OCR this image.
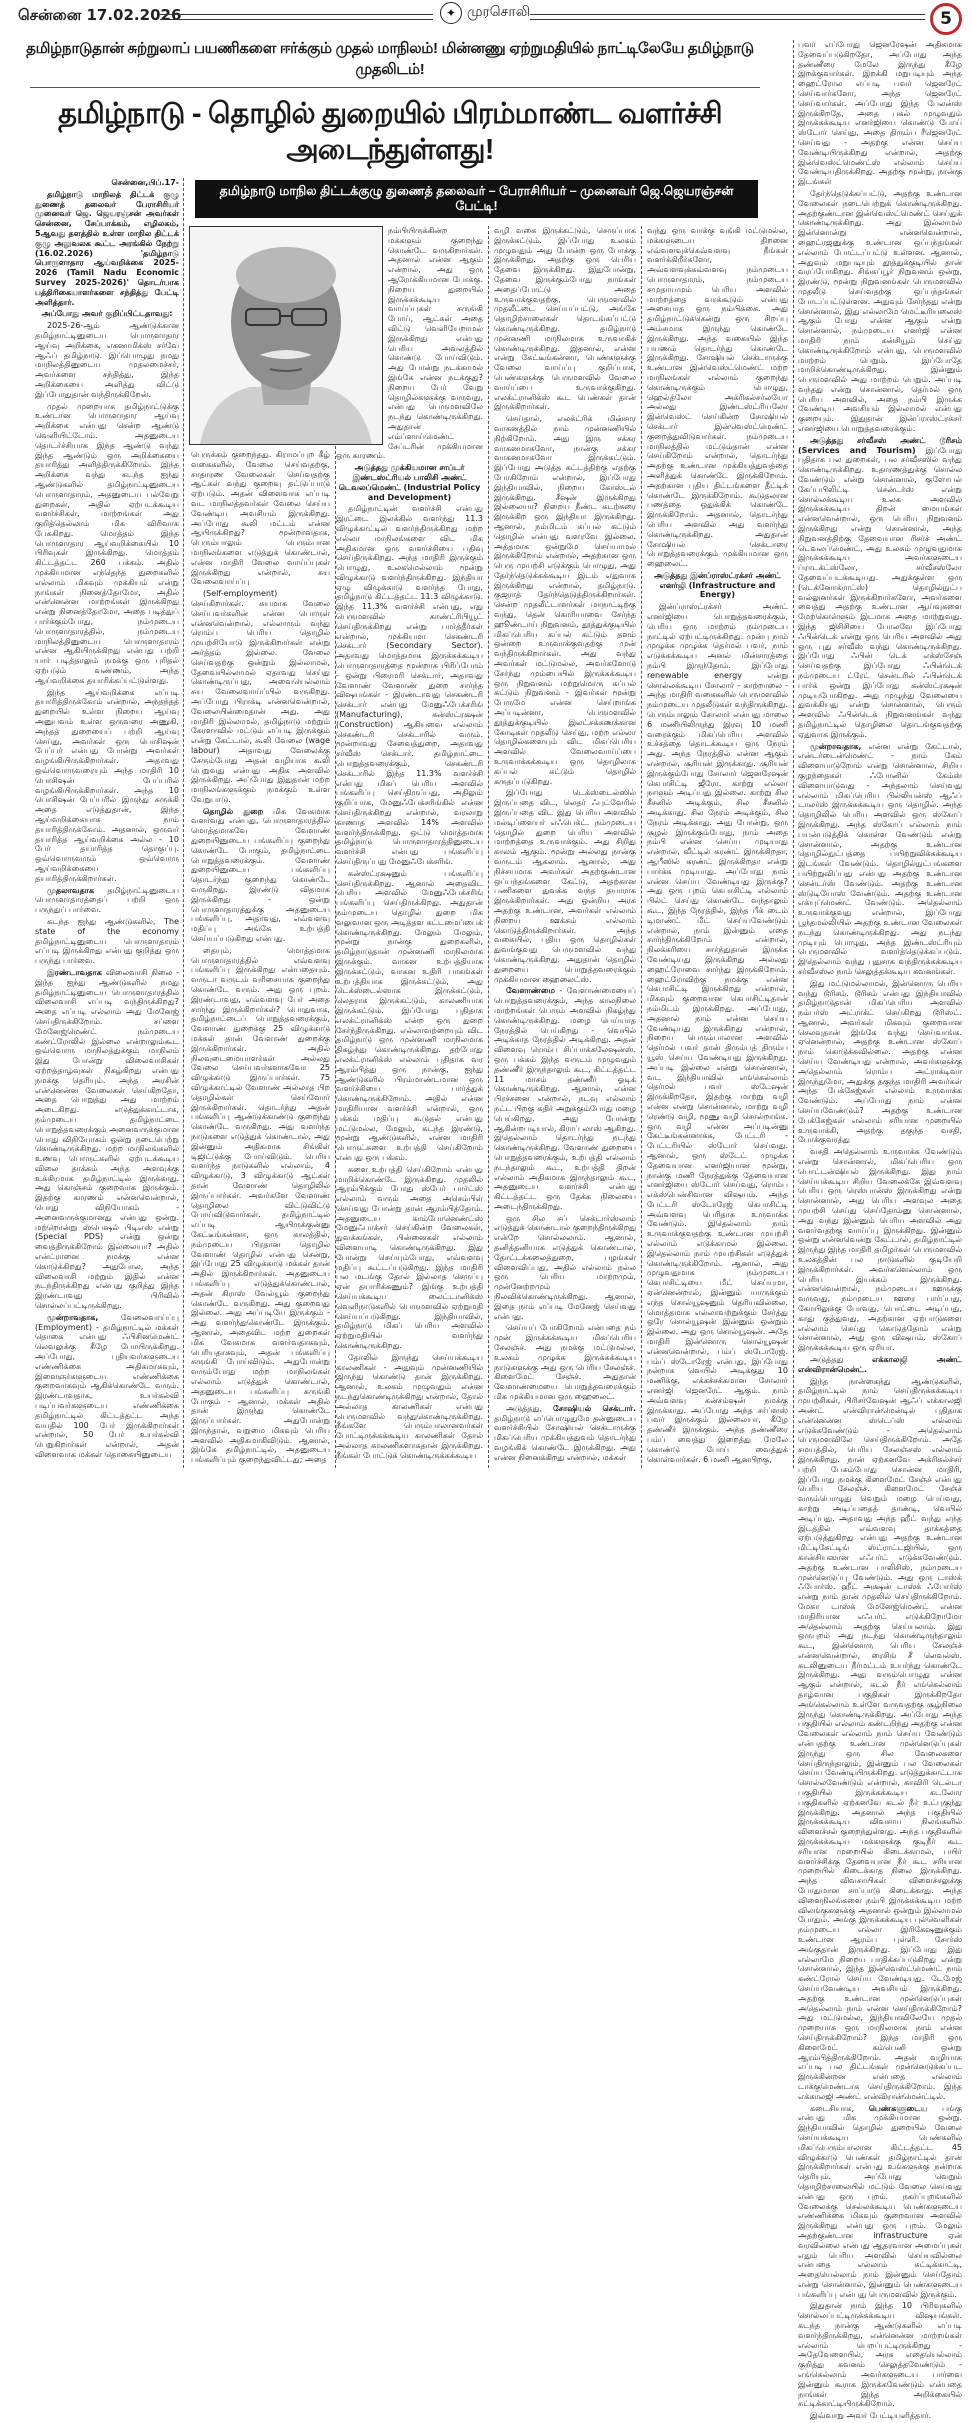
சென்னை 17.02.2026	✦ முரசொலி	5
தமிழ்நாடுதான் சுற்றுலாப் பயணிகளை ஈர்க்கும் முதல் மாநிலம்! மின்னணு ஏற்றுமதியில் நாட்டிலேயே தமிழ்நாடு முதலிடம்!
தமிழ்நாடு - தொழில் துறையில் பிரம்மாண்ட வளர்ச்சி அடைந்துள்ளது!
தமிழ்நாடு மாநில திட்டக்குழு துணைத் தலைவர் – பேராசிரியர் – முனைவர் ஜெ.ஜெயரஞ்சன் பேட்டி!

சென்னை,பிப்.17-

தமிழ்நாடு மாநிலத் திட்டக் குழு துணைத் தலைவர் பேராசிரியர் முனைவர் ஜெ. ஜெயரஞ்சன் அவர்கள் சென்னை, சேப்பாக்கம், எழிலகம், 5ஆவது தளத்தில் உள்ள மாநில திட்டக் குழு அலுவலக கூட்ட அரங்கில் நேற்று (16.02.2026) 'தமிழ்நாடு பொருளாதார ஆய்வறிக்கை 2025-2026 (Tamil Nadu Economic Survey 2025-2026)' தொடர்பாக பத்திரிகையாளர்களை சந்தித்து பேட்டி அளித்தார்.

அப்போது அவர் குறிப்பிட்டதாவது:

2025-26-ஆம் ஆண்டுக்கான தமிழ்நாட்டினுடைய பொருளாதார ஆய்வு அறிக்கை, எகனாமிக்ஸ் சர்வே ஆஃப் தமிழ்நாடு. இப்பொழுது நமது மாநிலத்தினுடைய முதலமைச்சர், அவர்களை சந்தித்து, இந்த அறிக்கையை அளித்து விட்டு இப்போதுதான் வந்திருக்கிறேன்.

முதல் முறையாக தமிழ்நாட்டுக்கு உண்டான பொருளாதார ஆய்வு அறிக்கை என்பது சென்ற ஆண்டு வெளியிட்டோம். அதனுடைய தொடர்ச்சியாக இந்த ஆண்டு வந்து இந்த ஆண்டும் ஒரு அறிக்கையை தயாரித்து அளித்திருக்கிறோம். இந்த அறிக்கை வந்து கடந்த ஐந்து ஆண்டுகளில் தமிழ்நாட்டினுடைய பொருளாதாரம், அதனுடைய பல்வேறு துறைகள், அதில் ஏற்படக்கூடிய வளர்ச்சிகள், மாற்றங்கள் அது குறித்தெல்லாம் மிக விரிவாக பேசுகிறது. மொத்தம் இந்த பொருளாதார ஆய்வறிக்கையில் 10 பிரிவுகள் இருக்கிறது. மொத்தம் கிட்டத்தட்ட 260 பக்கம். அதில் முக்கியமான எந்தெந்த துறைகளில் எல்லாம் மிகவும் முக்கியம் என்று நாங்கள் நினைத்தோமோ, அதில் என்னென்ன மாற்றங்கள் இருக்கிறது என்று நினைத்தோமோ, அதை படித்துப் பார்க்கும்போது, நம்முடைய பொருளாதாரத்தில், நம்முடைய மாநிலத்தினுடைய பொருளாதாரம் என்ன ஆகியிருக்கிறது என்பது பற்றி யார் படித்தாலும் நமக்கு ஒரு புரிதல் ஏற்படும் வண்ணம், அந்த ஆய்வறிக்கை தயாரிக்கப்பட்டுள்ளது.

இந்த ஆய்வறிக்கை எப்படி தயாரித்திருக்கோம் என்றால், அந்தந்தத் துறையில் உள்ள நிறைய ஆய்வு அனுபவம் உள்ள ஒருவரை அணுகி, அந்தத் துறையைப் பற்றி ஆய்வு செய்து, அவர்கள் ஒரு பொசிஷன் பேப்பர் என்பது போன்று அவர்கள் வழங்கியிருக்கிறார்கள். அதாவது ஒவ்வொருவரையும் அந்த மாதிரி 10 பொசிஷன் பேப்பரில் வழங்கியிருக்கிறார்கள். அந்த 10 பொசிஷன் பேப்பரில் இருந்து சுருக்கி அதை எடுத்துதான், இந்த ஆய்வறிக்கையாக நாம் தயாரித்திருக்கோம். அதனால், ஒருவர் தயாரித்த ஆய்வறிக்கை அல்ல - 10 பேர் தயாரித்த தொகுப்பு. ஒவ்வொருவரும் ஒவ்வொரு ஆய்வறிக்கையை தயாரித்திருக்கிறார்கள்.

முதலாவதாக தமிழ்நாட்டினுடைய பொருளாதாரத்தைப் பற்றி ஒரு பருந்துப் பார்வை.

கடந்த ஐந்து ஆண்டுகளில், The state of the economy தமிழ்நாட்டினுடைய பொருளாதாரம் எப்படி இருக்கிறது என்பது குறித்து ஒரு பருந்து பார்வை.

இரண்டாவதாக விலைவாசி நிலை - இந்த ஐந்து ஆண்டுகளில் நமது தமிழ்நாட்டினுடைய பொருளாதாரத்தில் விலைவாசி எப்படி வந்திருக்கிறது? அதை எப்படி எல்லாம் அது மேனேஜ் செய்திருக்கிறோம். சப்ளை மேனேஜ்மெண்ட் நம்முடைய கண்ட்ரோலில் இல்லை என்றாலும்கூட ஒவ்வொரு மாநிலத்துக்கும் மாநிலம் இது போன்று விலைவாசிகள் ஏற்றத்தாழ்வுகள் நிகழ்கிறது என்பது நமக்கு தெரியும். அந்த அரசின் என்னென்ன வேலைகள் செய்கிறதோ, அதை பொறுத்து அது மாற்றம் அடைகிறது. எடுத்துக்காட்டாக, நம்முடைய தமிழ்நாட்டை பொறுத்தவரைக்கும் அனைவருக்குமான பொது விநியோகம் ஒன்று நடைபெற்று கொண்டிருக்கிறது. மற்ற மாநிலங்களில் உணவு பொருட்களில் ஏற்படக்கூடிய விலை தாக்கம் அந்த அளவுக்கு உக்கிரமாக தமிழ்நாட்டில் இருக்காது. அது கொஞ்சம் குறைவாக இருக்கும். இதற்கு காரணம் என்னவென்றால், பொது விநியோகம் - அனைவருக்குமானது என்பது ஒன்று. மற்றொன்று ஸ்பெஷல் பிடிஎஸ் என்று (Special PDS) என்று ஒன்று வைத்திருக்கிறோம் இல்லையா? அதில் என்ட்ரானை நமக்கு என்ன கொடுக்கிறது? அதுபோல, அந்த விலைவாசி மற்றும் இதில் என்ன நடந்திருக்கிறது என்பது குறித்து இந்த இரண்டாவது பிரிவில் சொல்லப்பட்டிருக்கிறது.

மூன்றாவதாக, வேலைவாய்ப்பு (Employment) - தமிழ்நாட்டில் மக்கள் தொகை என்பது ஃபிசினமெண்ட் லெவலுக்கு கீழே போயிருக்கிறது. அப்போது, புதியவர்களுடைய எண்ணிக்கை அதிகமாகவும், இளைஞர்களுடைய எண்ணிக்கை குறைவாகவும் ஆகிக்கொண்டே வரும். இரண்டாவதாக, உயர்கல்வி படிப்பவர்களுடைய எண்ணிக்கை தமிழ்நாட்டில் கிட்டத்தட்ட அந்த வயதில் 100 பேர் இருக்கிறார்கள் என்றால், 50 பேர் உயர்கல்வி பெறுகிறார்கள் என்றால், அதன் விளைவாக மக்கள் தொகையினுடைய

பெருக்கம் குறைந்தது. கிராமப்புற கீழ் வகைகளில், வேலை செய்வதற்கு, சாதாரண வேலைகள் செய்வதற்கு ஆட்கள் வந்து குறைவு தட்டுப்பாடு ஏற்படும். அதன் விளைவாக எப்படி வட மாநிலத்தவர்கள் வேலை செய்ய வேண்டிய அவசியம் இருக்கிறது. அப்போது கூலி மட்டம் என்ன ஆயிருக்கிறது? மூன்றாவதாக, பெரும்பாலும் பெரும்பான மாநிலங்களை எடுத்துக் கொண்டால், என்ன மாதிரி வேலை வாய்ப்புகள் இருக்கிறது என்றால், சுய வேலைவாய்ப்பு

(Self-employment) செய்கிறார்கள். சுயமாக வேலை செய்பவர்களின் என்ன பொருள் என்னவென்றால், எல்லாரும் வந்து ரொம்ப பெரிய தொழில் முயற்சியோடு இருக்கிறார்கள் என்று அர்த்தம் இல்லை. வேலை செய்வதற்கு ஒன்றும் இல்லாமல், தேவையில்லாமல் ஏதாவது செய்து கொண்டிருப்பது, அவையெல்லாம் சுய வேலைவாய்ப்பில் வருகிறது. அப்போது பிராக்டி என்னவென்றால், வேலையின்மைதான் அது. அது மாதிரி இல்லாமல், தமிழ்நாடு மற்றும் கேரளாவில் மட்டும் எப்படி இருக்கும் என்று கேட்டால், கூலி வேலை (wage labour) அதாவது வேலைக்கு சேரும்போது அதன் வழியாக கூலி பெறுவது என்பது அதிக அளவில் இருக்கிறது. அப்போது இதுதான் மற்ற மாநிலங்களுக்கும் நமக்கும் உள்ள வேறுபாடு.

தொழில் துறை மிக வேகமாக வளர்வது என்பது, பொருளாதாரத்தில் மொத்தமாகவே வேளாண் துறையினுடைய பங்களிப்பு குறைந்து கொண்டே போகும், தமிழ்நாட்டை பொறுத்தவரைக்கும். வேளாண் துறையினுடைய பங்களிப்பு தொடர்ந்து குறைந்து கொண்டே வருகிறது. இரண்டு விதமாக இருக்கிறது - ஒன்று பொருளாதாரத்துக்கு அதனுடைய பங்களிப்பு, அதாவது, எவ்வளவு மதிப்பு அங்கே உற்பத்தி செய்யப்படுகிறது என்பது.

தையும், மொத்தமாக பொருளாதாரத்தில் எவ்வளவு பங்களிப்பு இருக்கிறது என்பதையும். வருடா வருடம் வரிசையாக குறைந்து கொண்டே வரும். அது ஒரு புறம். இரண்டாவது, எவ்வளவு பேர் அதை சார்ந்து இருக்கிறார்கள்? பொதுவாக, தமிழ்நாட்டைப் பொறுத்தவரைக்கும், வேளாண் துறைக்கு 25 விழுக்காடு மக்கள் தான் வேளாண் துறைக்கு இருக்கிறார்கள். அதில் நிலவுடைமையாளர்கள் அல்லது வேலை செய்பவர்களாகவோ 25 விழுக்காடு இருப்பார்கள். 75 விழுக்காட்டில் வேளாண் அல்லாத பிற தொழில்கள் செய்வோர் இருக்கிறார்கள். தொடர்ந்து அதன் பங்களிப்பு ஆண்டுக்காண்டு குறைந்து கொண்டே வருகிறது. அது வளர்ந்த நாடுகளை எடுத்துக் கொண்டால், அது இன்னும் அதிகமாக சிங்கிள் டிஜிட்டுக்கு போய்விடும். பெரிய வளர்ந்த நாடுகளில் எல்லாம், 4 விழுக்காடு, 3 விழுக்காடு ஆட்கள் தான் வேளாண் தொழிலில் இருப்பார்கள். அவர்களே வேளாண் தொழிலை விட்டுவிட்டு போய்விடுவார்கள். தமிழ்நாட்டில் எப்படி ஆயிருக்குன்னு கேட்டீங்கன்னா, ஒரு காலத்தில், நம்முடைய பிரதான தொழில் வேளாண் தொழில் என்பது சென்று, இப்போது 25 விழுக்காடு மக்கள் தான் அதில் இருக்கிறார்கள். அதனுடைய பங்களிப்பு எடுத்துக்கொண்டால், அதன் கிராஸ் வேல்யூம் குறைந்து கொண்டே வருகிறது. அது குறைவது இல்லை. அது அப்படியே இருக்கும் - அது வளர்ந்துகொண்டே இருக்கும். ஆனால், அதைவிட மற்ற துறைகள் மிக வேகமாக வளர்வதாகவும், பெரியதாகவும், அதன் பங்களிப்பு சுருங்கி போய்விடும். அதுபோன்று வரும்போது மற்ற மாநிலங்கள் எல்லாம் எடுத்துக் கொண்டால், அதனுடைய பங்களிப்பு சுருங்கி போகும் - ஆனால், மக்கள் அதில் தான் இருந்து கொண்டே இருப்பார்கள். அதுபோன்று இருந்தால், வறுமை மிகவும் பெரிய அளவில் அதிகமாகிவிடும். ஆனால், இங்கே தமிழ்நாட்டில், அதனுடைய பங்களிப்பும் குறைந்துவிட்டது; அதை

நம்பியிருக்கின்ற மக்களும் குறைந்து கொண்டே வருகிறார்கள். அதனால் என்ன ஆகும் என்றால், அது ஒரு ஆரோக்கியமான போக்கு. நிறைய துறையில் இருக்கக்கூடிய வாய்ப்புகள் சுருங்கி போய், ஆட்கள் அதை விட்டு வெளியேறாமல் இருக்கிறது என்பது பெரிய அவலத்தில் கொண்டு போய்விடும். அது போன்று நடக்காமல் இங்கே என்ன நடக்குது? நிறைய பேர் வேறு தொழில்களுக்கு வருவது, என்பது பெருமளவிலே நடந்து கொண்டிருக்கிறது. அதுதான் எம்ப்ளாய்மெண்ட் சேப்டரின் முக்கியமான ஒரு காரணம்.

அடுத்தது முக்கியமான சாப்டர் இண்டஸ்ட்ரியல் பாலிசி அண்ட் டெவலப்மெண்ட் (Industrial Policy and Development)

தமிழ்நாட்டின் வளர்ச்சி என்பது இரட்டை இலக்கில் வளர்ந்து 11.3 விழுக்காட்டில் வளர்ந்திருக்கிறது மற்ற எல்லா மாநிலங்களை விட மிக அதிகமான ஒரு வளர்ச்சியை பதிவு செய்திருக்கிறது. அந்த மாதிரி இருக்கும் பொழுது, உலகமெல்லாம் மூன்று விழுக்காடு வளர்ந்திருக்கிறது. இந்தியா ஏழு விழுக்காடு வளர்ந்த போது, தமிழ்நாடு கிட்டத்தட்ட 11.3 விழுக்காடு. இந்த 11.3% வளர்ச்சி என்பது, எது பெருமளவில் காண்ட்ரிபியூட் செய்திருக்கிறது என்று பார்த்தீர்கள் என்றால், முக்கியமா செகண்டரி செக்டார் (Secondary Sector). அதாவது மொத்தமாக இருக்கக்கூடிய பொருளாதாரத்தை மூன்றாக பிரிப்போம் - ஒன்று பிரைமரி செக்டார், அதாவது வேளாண் வேளாண் துறை சார்ந்த விஷயங்கள் - இரண்டாவது செகண்டரி செக்டார் என்பது மேனுஃபேக்சரிங் (Manufacturing), கன்ஸ்ட்ரக்ஷன் (Construction) ஆகியவை எல்லாம் செகண்டரி செக்டாரில் வரும். மூன்றாவது சேவைத்துறை, அதாவது சர்வீஸ் செக்டார். தமிழ்நாட்டை பொறுத்தவரைக்கும், செகண்டரி செக்டாரில் இந்த 11.3% வளர்ச்சி என்பது மிகப் பெரிய அளவில் பங்களிப்பு செய்திருப்பது, அதிலும் குறிப்பாக, மேனுஃபேக்சரிங்கில் என்ன செய்திருக்கிறது என்றால், வரலாறு காணாத அளவில் 14% அளவில் வளர்ந்திருக்கிறது. ஒட்டு மொத்தமாக தமிழ்நாடு பொருளாதாரத்தினுடைய வளர்ச்சி என்பது பங்களிப்பு செய்திருப்பது மேனுஃபேக்சரிங்.

கன்ஸ்ட்ரக்ஷனும் பங்களிப்பு செய்திருக்கிறது. ஆனால் அதைவிட பெரிய அளவில் மேனுஃபேக்சரிங் பங்களிப்பு செய்திருக்கிறது. அதுதான் நம்முடைய தொழில் துறை மிக வலுவான ஒரு அடித்தள கட்டமைப்பைக் கொண்டிருக்கிறது. மேலும் மேலும், மூன்று நான்கு துறைகளில், தமிழ்நாடுதான் முன்னணி மாநிலமாக இருக்கும். வாகன உற்பத்தியாக இருக்கட்டும், வாகன உதிரி பாகங்கள் உற்பத்தியாக இருக்கட்டும், அது டெக்ஸ்டைல்ஸாக இருக்கட்டும், லெதராக இருக்கட்டும், காலணியாக இருக்கட்டும். இப்போது புதிதாக எலக்ட்ரானிக்ஸ் என்ற ஒரு துறை சேர்ந்திருக்கிறது. எல்லாவற்றையும் விட தமிழ்நாடு ஒரு முன்னணி மாநிலமாக திகழ்ந்து கொண்டிருக்கிறது. தற்போது எலக்ட்ரானிக்ஸ் எல்லாம் புதிதாக வர ஆரம்பித்து ஒரு நான்கு, ஐந்து ஆண்டுகளில் பிரம்மாண்டமான ஒரு வளர்ச்சியை பார்த்துக் கொண்டிருக்கிறோம். அதில் என்ன மாதிரியான வளர்ச்சி என்றால், ஒரு பக்கம் மதிப்பு கூடுதல் என்பது மட்டுமல்ல, மேலும், கடந்த இரண்டு, மூன்று ஆண்டுகளில், என்ன மாதிரி பொருட்களை உற்பத்தி செய்கிறோம் என்பது ஒரு பக்கம்.

களை உற்பத்தி செய்கிறோம் என்பது மாறிக்கொண்டே இருக்கிறது. முதலில் ஆரம்பிக்கும் போது ஸ்பேர் பார்ட்ஸ் எல்லாம் வரும் அதை அசெம்பிள் செய்வது போன்று தான் ஆரம்பித்தோம். அதனுடைய காம்போனெண்ட்ஸ் மேனுஃபாக்சர் செய்கின்ற வேலைகள், துவக்கங்கள், பின்னைகள் எல்லாம் விளையாடி கொண்டிருக்கிறது. இது போன்று செய்யும்போது, எவ்வளவு மதிப்பு கூட்டப்படுகிறது. இந்த மாதிரி பல மடங்கு தோல் இல்லாத செருப்பு ஏன் தயாரிக்கணும்? இங்கு உற்பத்தி செய்யக்கூடிய லைட்டானிக்ஸ் வெளிநாடுகளில் பெருமளவில் ஏற்றுமதி செய்யப்படுகிறது. இந்தியாவில், தமிழ்நாடு மிகப் பெரிய அளவில் ஏற்றுமதியில் வளர்ந்து கொண்டிருக்கிறது.

தோலில் இருந்து செய்யக்கூடிய காலணிகள் - அதுவும் முன்னணியில் இருந்து கொண்டு தான் இருக்கிறது. ஆனால், உலகம் முழுவதும் என்ன நடந்துகொண்டிருக்கிறது என்றால், தோல் அல்லாத காலணிகள் என்பது பெருமளவில் வந்துகொண்டிருக்கிறது. நீங்களே பெரும்பாலானவர்கள் போட்டிருக்கக்கூடிய காலணிகள் தோல் அல்லாத காலணிகளாகதான் இருக்கிறது. நீங்கள் போட்டுக் கொண்டிருக்கக்கூடிய

வழி வகை இருக்கட்டும், செருப்பாக இருக்கட்டும். இப்போது உலகம் முழுவதும் அது போன்ற ஒரு போக்கு இருக்கிறது. அதற்கு ஒரு பெரிய தேவை இருக்கிறது. இதுபோன்று, தேவை இருக்கும்போது நாங்கள் அதைப்போட்டு அதை உருவாக்குவதற்கு, பெருமளவில் முதலீட்டை செய்யப்பட்டு, அங்கே தொழிற்சாலைகள் தொடங்கப்பட்டு கொண்டிருக்கிறது. தமிழ்நாடு முன்னணி மாநிலமாக உருவாகிக் கொண்டிருக்கிறது. இதனால், என்ன என்று கேட்டீங்கன்னா, பெண்களுக்கு வேலை வாய்ப்பு குறிப்பாக, பெண்களுக்கு பெருமளவில் வேலை வாய்ப்பை உருவாக்குகிறது. எலக்ட்ரானிக்ஸ் கூட பெண்கள் தான் இருக்கிறார்கள்.

செய்தால், எலக்ட்ரிக் மின்சார வாகனத்தில் நாம் முன்னணியில் நிற்கிறோம். அது இரு சக்கர வாகனமாகவோ, நான்கு சக்கர வாகனமாகவோ இருக்கட்டும். இப்போது அடுத்த கட்டத்திற்கு எதற்கு போகிறோம் என்றால், இப்போது இந்தியாவில், நிறைய கோஸ்டல் இருக்கிறது. சீஷன் இருக்கிறது இல்லையா? நிறைய நீண்ட கடற்கரை இருக்கிற ஒரு இந்தியா இருக்கிறது. ஆனால், நம்மிடம் கப்பல் கட்டும் தொழில் என்பது வளரவே இல்லை. அத்தமாக ஒன்றுமே செய்யாமல் இருக்கிறோம் என்றால், அதற்கான ஒரு பெரு முயற்சி எடுக்கும் பொழுது, அது தேர்ந்தெடுக்கக்கூடிய இடம் எதுவாக இருக்கிறது என்றால், தமிழ்நாடு. குஜராத் தேர்ந்தெடுத்திருக்கிறார்கள். சென்ற முதலீட்டாளர்கள் மாநாட்டிற்கு வந்து, தென் கொரியாவை சேர்ந்த ஹூண்டாய் நிறுவனம், தூத்துக்குடியில் மிகப்பெரிய கப்பல் கட்டும் தளம் ஒன்றை உருவாக்குவதற்கு முன் வந்திருக்கிறார்கள். அது வந்து அவர்கள் மட்டுமல்ல, அவர்களோடு சேர்ந்து மும்பையில் இருக்கக்கூடிய ஒரு நிறுவனம் மற்றுமொரு கப்பல் கட்டும் நிறுவனம் - இவர்கள் மூன்று பேருமே என்ன செய்றாங்க அப்படின்னா, பெருமளவில் தூத்துக்குடியில் இலட்சக்கணக்கான கோடிகள் முதலீடு செய்து, மற்ற எல்லா தொழில்களையும் விட மிகப்பெரிய அளவில் வேலைவாய்ப்பை உருவாக்கக்கூடிய ஒரு தொழிலாக கப்பல் கட்டும் தொழில் கருதப்படுகிறது.

இப்போது டெக்ஸ்டைல்ஸில் இருப்பதை விட, லெதர் ஃபுட்வேரில் இருப்பதை விட இது பெரிய அளவில் மல்டிப்ளையர் எஃபெக்ட். நம்முடைய தொழில் துறை பெரிய அளவில் மாற்றத்தை உருவாக்கும். அது சிறிது காலம் ஆகும். மூன்று அல்லது நான்கு வருடம் ஆகலாம். ஆனால், அது நிச்சயமாக அவர்கள் அதற்குண்டான ஒப்பந்தங்களை கேட்டு, அதற்கான பணிகளை துவக்க வந்த தயாராக இருக்கிறார்கள். அது ஒன்றிய அரசு அதற்கு உண்டான, அவர்கள் எல்லாம் நிறைய ஊக்கம் எல்லாம் கொடுத்திருக்கிறார்கள். அந்த வகையில், புதிய ஒரு தொழில்கள் துவங்குவது பெருமளவில் வந்து கொண்டிருக்கிறது. அதுதான் தொழில் துறையை பொறுத்தவரைக்கும் முக்கியமான ஹைலைட்ஸ்.

வேளாண்மை - வேளாண்மையைப் பொறுத்தவரைக்கும், அந்த காலநிலை மாற்றங்கள் பெரும் அளவில் நிகழ்ந்து கொண்டிருக்கிறது. மழை பெய்யாத நேரத்தில் பெய்கிறது - வெயில் அடிக்காத நேரத்தில் அடிக்கிறது. அதன் விளைவு ரொம்ப சிப்பாக்கலேஷன்ஸ். ஒரு பக்கம் இந்த வருடம் முழுவதும் தண்ணீர் இருந்தாலும் கூட, கிட்டத்தட்ட 11 மாசம் தண்ணீர் ஓடிக் கொண்டிருக்கிறது. ஆனால், என்ன பிரச்சனை என்றால், நடவு எல்லாம் நட்ட பிறகு கதிர் அறுக்கும்போது மழை பெய்கிறது. அது போன்று ஆகின்றபடியால், கிராப் லாஸ் ஆகிறது. இதெல்லாம் தொடர்ந்து நடந்து கொண்டிருக்கிறது. வேளாண் துறையை பொறுத்தவரைக்கும், உற்பத்தி எல்லாம் நடந்தாலும் கூட, உற்பத்தி திறன் எல்லாம் அதிகமாக இருந்தாலும் கூட, அதனுடைய வளர்ச்சி என்பது கிட்டத்தட்ட ஒரு தேக்க நிலையை அடைந்திருக்கிறது.

ஒரு சில சப் செக்டார்ஸ்லாம் எடுத்துக் கொண்டால் குறைந்திருக்கிறது என்றே சொல்லலாம். ஆனால், தனித்தனியாக எடுத்துக் கொண்டால், தோட்டக்கலைத்துறை, பழங்கள் விளைவிப்பது, அதில் எல்லாம் நல்ல ஒரு பெரிய மாற்றமும், முன்னேற்றமும் நிலவிக்கொண்டிருக்கிறது. ஆனால், இதை நாம் எப்படி மேனேஜ் செய்வது என்பது.

செய்யப் போகிறோம் என்பதை நம் முன் இருக்கக்கூடிய மிகப்பெரிய சேலஞ்ச். அது நமக்கு மட்டுமல்ல, உலகம் முழுக்க இருக்கக்கூடிய நாடுகளுக்கு அது ஒரு பெரிய சேலஞ்ச். கிளைமேட் சேஞ்ச். அதுதான் வேளாண்மையை பொறுத்தவரைக்கும் மிக முக்கியமான ஒரு ஹைலைட்.

அடுத்தது, சோஷியல் செக்டார். தமிழ்நாடு எப்பொழுதுமே தன்னுடைய வளர்ச்சியில் சோஷியல் செக்டாருக்கு மிகப்பெரிய முக்கியத்துவம் தொடர்ந்து வழங்கிக் கொண்டே இருக்கிறது. அது என்ன நினைக்கிறது என்றால், மக்கள்

வந்து ஒரு வாக்கு வங்கி மட்டுமல்ல, மக்களுடைய திறனை எவ்வளவுக்கெவ்வளவு நீங்கள் வளர்க்கிறீர்களோ, அவ்வளவுக்கவ்வளவு நம்முடைய பொருளாதாரம், நம்முடைய சமுதாயமும் பெரிய அளவில் மாற்றத்தை வரக்கூடும் என்பது அசையாத ஒரு நம்பிக்கை. அது தமிழ்நாட்டுக்கென்று ஒரு சிறப்பு அம்சமாக இருந்து கொண்டே இருக்கிறது. அந்த வகையில் இந்த பயணம் தொடர்ந்து கொண்டே இருக்கிறது. சோஷியல் செக்டாருக்கு உண்டான இன்வெஸ்ட்மெண்ட் மற்ற மாநிலங்கள் எல்லாம் குறைந்து கொண்டிருக்கும் பொழுது, ஹெல்த்லோ அக்ரிகல்சர்லயோ அல்லது இண்டஸ்ட்ரியலோ இன்வெஸ்ட் செய்கின்ற சோஷியல் செக்டார் இன்வெஸ்ட்மெண்ட் குறைத்துவிடுவார்கள். நம்முடைய மாநிலத்தில் மட்டும்தான் என்ன செய்கிறோம் என்றால், தொடர்ந்து அதற்கு உண்டான முக்கியத்துவத்தை அளித்துக் கொண்டே இருக்கிறோம். அதற்கான புதிய திட்டங்களை தீட்டிக் கொண்டே இருக்கிறோம். கூடுதலான பணத்தை ஒதுக்கிக் கொண்டே இருக்கிறோம். அதனால், தொடர்ந்து பெரிய அளவில் அது வளர்ந்து கொண்டிருக்கிறது. அதுதான் சோஷியல் செக்டாரை பொறுத்தவரைக்கும் முக்கியமான ஒரு ஹைலைட்.

அடுத்தது இன்ப்ராஸ்ட்ரக்சர் அண்ட் எனர்ஜி (Infrastructure and Energy)

இன்ப்ராஸ்ட்ரக்சர் அண்ட் எனர்ஜியை பொறுத்தவரைக்கும், பெரிய ஒரு மாற்றம் நம்முடைய நாட்டில் ஏற்பட்டிருக்கிறது. முன்பு நாம் முழுக்க முழுக்க தெர்மல் பவர், நாம் எடுக்கக்கூடிய அனல் மின்சாரத்தை நம்பி இருந்தோம். இப்போது renewable energy என்று சொல்லக்கூடிய சோலார் - காற்றாலை - அந்த மாதிரி வகைகளில் பெருமளவில் நம்முடைய முதலீடுகள் வந்திருக்கிறது. பெரும்பாலும் சோலார் என்பது மாலை 6 மணியிலிருந்து இரவு 10 மணி வரைக்கும் மிகப்பெரிய அளவில் உச்சத்தை தொடக்கூடிய ஒரு நேரம் அது. அந்த நேரத்தில் என்ன ஆகும் என்றால், சூரியன் இருக்காது. சூரியன் இருக்கும்போது சோலார் ஜெனரேஷன் கெபாசிட்டி ஜீரோ. காற்று எல்லா நாளும் அடிப்பது இல்லை. காற்று சில சீசனில் அடிக்கும், சில சீசனில் அடிக்காது. சில நேரம் அடிக்கும், சில நேரம் அடிக்காது. அது போன்று, ஒரு சூழல் இருக்கும்போது, நாம் அதை நம்பி என்ன செய்ய முடியாது என்றால், வீட்டில் கரண்ட் இருக்கிறதா, ஆபீஸில் கரண்ட் இருக்கிறதா என்று பார்க்க முடியாது. அப்போது நாம் என்ன செய்ய வேண்டியது இருக்கு? அது ஒரு புறம் கெபாசிட்டி எல்லாம் பில்ட் செய்து கொண்டே வந்தாலும் கூட, இந்த நேரத்தில், இந்த பீக் டைம் டிமாண்ட் மீட் செய்யவேண்டும் என்றால், நாம் இன்னும் எதை சார்ந்திருக்கிறோம் என்றால், நிலக்கரியை சார்ந்துதான் இருக்க வேண்டியது இருக்கிறது அல்லது ஹைட்ரோவை சார்ந்து இருக்கிறோம். ஹைட்ரோவிற்கு நமக்கு என்ன கெபாசிட்டி இருக்கிறது என்றால், மிகவும் குறைவான கெபாசிட்டிதான் நம்மிடம் இருக்கிறது. அப்போது, அதனால் நாம் என்ன செய்ய வேண்டியது இருக்கிறது என்றால், நிறைய பெரும்பாலான அளவில் தெர்மல் பவர் தான் திரும்பத் திரும்ப யூஸ் செய்ய வேண்டியது இருக்கிறது. அப்படி இல்லை என்று சொன்னால், வட இந்தியாவில் எங்கெல்லாம் தெர்மல் பவர் ஸ்டேஷன் இருக்கிறதோ, இதற்கு மாற்று வழி என்ன என்று சொன்னால், மாற்று வழி ரெண்டு வழி, மூணு வழி சொல்றாங்க. ஒரு வழி என்ன அப்படின்னு கேட்டீங்கன்னாக்க, பேட்டரி - பேட்டரியில் ஸ்டோர் செய்வது. ஆனால், ஒரு ஸ்டேட் முழுக்க தேவையான எனர்ஜியான மூன்று, நான்கு மணி நேரத்துக்கு தேவையான எனர்ஜியை ஸ்டோர் செய்வது, ரொம்ப எக்ஸ்பென்சிவான விஷயம். அந்த பேட்டரி ஸ்டோரேஜ் கெபாசிட்டி அவ்வளவு பெரிதாக உருவாக்க வேண்டும். இதெல்லாம் நாம் உருவாக்குவதற்கு உண்டான முயற்சி எல்லாம் எடுக்காமல் இல்லை. இதெல்லாம் நாம் முயற்சிகள் எடுத்துக் கொண்டிருக்கிறோம். ஆனால், அது முழுவதுமாக நம்முடைய கெபாசிட்டியை மீட் செய்யுமா, ஏன்னென்றால், இன்னும் யாருக்கும் எந்த சொல்யூஷனும் தெரியவில்லை. மொத்தமாக எல்லாவற்றுக்கும் சேர்த்து ஒரே சொல்யூஷன் இன்னும் ஒன்றும் இல்லை. அது ஒரு சொல்யூஷன். அதே மாதிரி இன்னொரு சொல்யூஷன் என்னவென்றால், பம்ப் ஸ்டோரேஜ். பம்ப் ஸ்டோரேஜ் என்பது, இப்போது நன்றாக வெயில் அடிக்குது 10 மணிக்கு, எக்கச்சக்கமான சோலார் எனர்ஜி ஜெனரேட் ஆகும். நாம் அவ்வளவு கன்சம்ஷன் நமக்கு இருக்காது. அப்போது அந்த சர்ப்ளஸ் பவர் இருக்கும் இல்லையா, கீழே தண்ணீர் இருக்கும். அந்த தண்ணீரை பம்ப் வைத்து இறைத்து மேலே கொண்டு போய் வைத்துக் கொள்வார்கள். 6 மணி ஆனபிறகு,

பவர் எப்போது ஜெனரேஷன் அதிகமாக தேவைப்படுகிறதோ, அப்போது அந்த தண்ணீரை மேலே இருந்து கீழே இறக்குவார்கள். இறக்கி மறுபடியும் அந்த ஹைட்ரோல எப்படி பவர் ஜெனரேட் செய்வார்களோ, அந்த ஜெனரேட் செய்வார்கள். அப்போது இந்த பேலன்ஸ் இருக்கிறதே, அதை பகல் முழுவதும் இருக்கக்கூடிய எனர்ஜியை கொண்டு போய் ஸ்டோர் செய்து, அதை திரும்ப ரீஜெனரேட் செய்வது - அதற்கு என்ன செய்ய வேண்டியிருக்கிறது என்றால், அதற்கு இன்வெஸ்ட்மெண்ட்ஸ் எல்லாம் செய்ய வேண்டியதிருக்கிறது. அதற்கு மூன்று, நான்கு இடங்கள்

தேர்ந்தெடுக்கப்பட்டு, அதற்கு உண்டான வேலைகள் நடைபெற்றுக் கொண்டிருக்கிறது. அதற்குண்டான இன்வெஸ்ட்மெண்ட் செய்துக் கொண்டிருக்கிறது. அது இல்லாமல் இன்னொன்று என்னவென்றால், ஹைட்ரஜனுக்கு உண்டான ஒப்பந்தங்கள் எல்லாம் போட்டப்பட்டு உள்ளன. ஆனால், அதுவும் மறுபடியும் தூத்துக்குடியில் தான் வரப்போகிறது. சிங்கப்பூர் நிறுவனம் ஒன்று, இரண்டு, மூன்று நிறுவனங்கள் பெருமளவில் முதலீடு செய்வதற்கு ஒப்பந்தங்கள் போடப்பட்டுள்ளன. அதுவும் சேர்ந்தது என்று சொன்னால், இது எல்லாமே மெட்டீரியலைஸ் ஆகும் போது என்ன ஆகும் என்று சொன்னால், நம்முடைய எனர்ஜி என்ன மாதிரி நாம் கன்சியூம் செய்து கொண்டிருக்கிறோம் என்பது, பெருமளவில் மாற்றம் பெறும். இப்போதே மாறிக்கொண்டிருக்கிறது. இன்னும் பெருமளவில் அது மாற்றம் பெறும். அப்படி வந்தது என்று சொன்னால், தெர்மல் ஒரு பெரிய அளவில், அதை நம்பி இருக்க வேண்டிய அவசியம் இல்லாமல் என்பது குறையும். இதுதான் இன்ப்ராஸ்ட்ரக்சர் எனர்ஜியை பொறுத்தவரைக்கும்.

அடுத்தது சர்வீசஸ் அண்ட் டூரிசம் (Services and Tourism) இப்போது புதிதாக பல துறைகள், பல சர்வீசஸில் வந்து கொண்டிருக்கிறது. உதாரணத்துக்கு சொல்ல வேண்டும் என்று சொன்னால், குளோபல் கேப்பபிலிட்டி சென்டர்ஸ் என்று சொல்லக்கூடிய உலக அளவில் இருக்கக்கூடிய திறன் மையங்கள் என்னவென்றால், ஒரு பெரிய நிறுவனம் இருக்கிறது என்று சொன்னால், அந்த நிறுவனத்திற்கு தேவையான ரிசர்ச் அண்ட் டெவலப்மெண்ட், அது உலகம் முழுவதுமாக இருக்கக்கூடிய அவர்களுடைய ப்ராடக்ட்ஸ்லோ, சர்வீசஸ்லோ தேவைப்படக்கூடியது. அதுக்குள்ள ஒரு (டெக்னோக்ராட்ஸ்) தொழில்நுட்ப வல்லுனர்கள் இருக்கிறார்களோ, அவர்களை வைத்து அதற்கு உண்டான ஆய்வுகளை மேற்கொள்ளும் இடமாக அதை மாற்றுவது. இந்த ஜிசிசியை போலவே இப்போது ஃபின்டெக் என்று ஒரு பெரிய அளவில் அது ஒரு புது சர்வீஸ் வந்து கொண்டிருக்கிறது. இப்போது ஃபின் டெக் எக்ஸ்சேஞ் செய்வதற்கு இப்போது ஃபின்டெக் நம்முடைய ட்ரேட் சென்டரில் ஃபின்டெக் பார்க் ஒன்று இப்போது கன்ஸ்ட்ரக்ஷன் முடியபோகிறது. அது முழுந்து வேலையை துவக்கியது என்று சொன்னால், பெரும் அளவில் ஃபின்டெக் நிறுவனங்கள் வந்து தமிழ்நாட்டில் தொழிலை தொடங்குவதற்கு ஏதுவாக இருக்கும்.

மூன்றாவதாக, என்ன என்று கேட்டால், என்டர்டைன்மெண்ட் - நாம் கேம் விளையாடுறோம் என்று சொன்னால், சிறிய குழந்தைகள் ஃபோனில் கேம்ஸ் விளையாடுவது - அந்தலாம் செய்வது எல்லாம் மிகப்பெரிய பில்லியன்ஸ் ஆஃப் டாலர்ஸ் இருக்கக்கூடிய ஒரு தொழில். அந்த தொழிலில் பெரிய அளவில் ஒரு ஸ்கோப் இருக்கிறது. அந்த ஸ்கோப் எல்லாம் நாம் பயன்படுத்திக் கொள்ள வேண்டும் என்று சொன்னால், அதற்கு உண்டான தொழில்நுட்பத்தை பயிற்றுவிக்கக்கூடிய இடங்கள் வேண்டும். தொழில்நுட்பங்களை பயிற்றுவிப்பது என்பது அதற்கு உண்டான சென்டர்ஸ் வேண்டும். அதற்கு உண்டான ஸ்டுடியோஸ் வேண்டும். அதற்கு உண்டான எக்யுப்மெண்ட் வேண்டும். அதெல்லாம் உருவாக்குவது என்றால், இப்போது பூந்தமல்லியில் அதற்கு உண்டான வேலைகள் நடந்து கொண்டிருக்கிறது. அது நடந்து முடியும் பொழுது, அந்த இண்டஸ்ட்ரியும் பெருமளவில் வளர்த்தெடுக்கப்படும். இதெல்லாம் வந்து புதுசாக வந்திருக்கக்கூடிய சர்வீசஸ்ல நாம் செலுத்தக்கூடிய கவனங்கள்.

இது மட்டுமல்லாமல், இன்னொரு பெரிய வந்து டூரிசம். டூரிசம் என்பது இந்தியாவில் தமிழ்நாடுதான் மிகப்பெரிய அளவில் நம்பர்ஸ் அட்ராக்ட் செய்கிறது டூரிஸ்ட். ஆனால், அவர்கள் மிகவும் குறைவான செலவுதான் இங்கே வந்து செய்வாங்க. ஏனென்றால், அதற்கு உண்டான ஸ்கோப் நாம் கொடுக்கவில்லை. அதற்கு என்ன செய்ய வேண்டியது என்றால், அவர்களுக்கு அதெல்லாம் ரொம்ப அட்ராக்டிவா இருந்துமோ, அதுக்கு தகுந்த மாதிரி அவர்கள் அந்த பேக்கேஜ்கள் எல்லாம் உருவாக்க வேண்டும். அப்போது நாம் என்ன செய்யவேண்டும்? அதற்கு உண்டான பேக்கேஜ்கள் எல்லாம் சரியான முறையில் உருவாக்கி, அதற்கு தகுந்த வசதி, போக்குவரத்து

வசதி அதெல்லாம் உருவாக்க வேண்டும் என்று சொன்னால், மிகப்பெரிய ஒரு பொட்டன்ஷியல் இருக்கிறது. இது நாம் செய்யக்கூடிய சிறிய வேலைக்கே இவ்வளவு பெரிய ஒரு ரெஸ்பான்ஸ் இருக்கிறது என்று சொன்னால், அது பெரிய அளவுல அதை முயற்சி செய்து செய்தோம்னு சொன்னால், அது வந்து இன்னும் பெரிய அளவில் அது வளர்வதற்கு வாய்ப்பு இருக்கிறது. இன்னும் ஒன்று என்னவென்று கேட்டால், தமிழ்நாட்டில் இருந்து இந்த மாதிரி தமிழர்கள் பெருமளவில் உலகத்தின் பல நாடுகளில் குடியேறி இருக்கிறார்கள். அவர்களெல்லாம் ஒரு பெரிய இயக்கம் இருக்கிறது. என்னவென்றால், நம்முடைய ஊருக்கு வருவது, நம்முடைய ஊரை பார்ப்பது, கோயிலுக்கு போவது, பொட்டை அடிப்பது, காது குத்துவது, அதற்கான ஏற்பாடுகளை எல்லாம் செய்து கொடுத்தோம் என்று சொன்னால், அது ஒரு விஷயம். ஸ்கோப் இருக்கக்கூடிய ஒரு ஏரியா.

அடுத்தது எக்காலஜி அண்ட் என்விரான்மென்ட்.

இந்த நான்கைந்து ஆண்டுகளில், தமிழ்நாட்டில் நாம் செய்திருக்கக்கூடிய முயற்சிகள், பிரிசர்வேஷன் ஆஃப் எக்காலஜி அண்ட் என்விரான்மென்டில் புதிதாக என்னென்ன ஸ்டெப்ஸ் எல்லாம் எடுக்கவேண்டும் - அதெல்லாம் பெருமளவிலே செய்திருக்கிறோம். அதே சமயத்தில், பெரிய சேலஞ்சஸ் எல்லாம் இருக்கிறது. நான் ஏற்கனவே அக்ரிகல்ச்சர் பற்றி பேசும்போது சொன்ன மாதிரி, இப்போது நமக்கு கிளைமேட் சேஞ்ச் என்பது பெரிய சேலஞ்ச். கிளைமேட் சேஞ்ச் வரும்பொழுது வெறும் மழை பெய்வது, காற்று அடிப்பதைத் தாண்டி, வெயில் அடிப்பது. அதாவது அந்த ஹீட் வந்து எந்த இடத்தில் எவ்வளவு தாக்கத்தை ஏற்படுத்துகிறது என்பது அதற்கு உண்டான மிட்டிகேட்டிங் ஸ்ட்ராட்டஜியில், ஒரு கான்சியஸான எஃபர்ட் எடுக்கவேண்டும். அதற்கு உண்டான பாலிசிஸ், நம்முடைய முன்னெடுப்பு வேண்டும். அது ஒரு டாஸ்க் ஃபோர்ஸ். ஹீட் அக்ஷன் டாஸ்க் ஃபோர்ஸ் என்று நாம் தான் முதலில் செய்திருக்கிறோம். மேகா டாஸ்க் மேனேஜ்மெண்ட் என்ன மாதிரியான எஃபர்ட் எடுக்கிறோமோ அதெல்லாம் அதற்கு செய்யலாம். இது ஒருபுறம் அது நடந்து கொண்டிருந்தாலும் கூட, இன்னொரு பெரிய சேலஞ்ச் என்னவென்றால், ரைசிங் சீ லெவல்ஸ். கடலினுடைய நீர்மட்டம் உயர்ந்து கொண்டே இருக்கிறது. அது வரும்பொழுது என்ன ஆகும் என்றால், கடல் நீர் எங்கெல்லாம் தாழ்வான பகுதிகள் இருக்கிறதோ அங்கெல்லாம் உள்ளே வருவதற்கு சூழ்நிலை இருந்து கொண்டிருக்கிறது. அப்போது அந்த பகுதியில் எல்லாம் கண்டறிந்து அதற்கு என்ன வேலைகள் எல்லாம் நாம் செய்ய வேண்டும் என்பதற்கு உண்டான முன்னெடுப்புகள் இருந்து ஒரு சில வேலைகளை செய்திருந்தாலும், இன்னும் பல வேலைகள் செய்ய வேண்டியிருக்கிறது. எடுத்துக்காட்டாக சொல்லவேண்டும் என்றால், காவிரி டெல்டா பகுதியில் இருக்கக்கூடிய கடலோர பகுதிகளில் ஏற்கனவே கடல் நீர் உட்புகுந்து இருக்கிறது. அதனால் அந்த பகுதியில் இருக்கக்கூடிய விவசாய நிலங்களில் விளைச்சல் குறைந்துள்ளது. அந்த பகுதிகளில் இருக்கக்கூடிய மக்களுக்கு குடிநீர் கூட சரியான முறையில் கிடைக்காமல், பயிர் வளர்ச்சிக்கு தேவையான நீர் கூட சரியான முறையில் கிடைக்காத நிலை இருக்கிறது. அந்த விவசாயிகள் விளைச்சலுக்கு போதுமான சாப்பாடு கிடைக்காது. அந்த விளைநிலங்களை நம்பி இருக்கக்கூடிய மற்ற விலங்குகளுக்கு அதனால் ஒன்றும் இல்லாமல் போதும். அங்கு இருக்கக்கூடிய புல்வெளிகள் நம்முடைய எல்லா இரிகேஷனுக்கும் உண்டான ஆரம்ப புள்ளி. சோர்ஸ் அங்குதான் இருக்கிறது. இப்போது இது எல்லாமே நிறைய பாதிக்கப்படுகிறது என்று சொன்னால், இந்த இன்வெஸ்ட்மெண்ட் நாம் கண்ட்ரோல் செய்ய வேண்டியது. டேமேஜ் செய்யவேண்டிய அவசியம் இருக்கிறது. அதற்கு உண்டான முன்னெடுப்புகள் அதெல்லாம் நாம் என்ன செய்திருக்கிறோம்? அது மட்டுமல்ல, இந்தியாவிலேயே முதல் முறையாக ஒரு மாநிலமாக நாம் என்ன செய்திருக்கிறோம்? இந்த மாதிரி ஒரு கிளைமேட் கம்பெனி ஒன்று ஆரம்பித்திருக்கிறோம். அதன் வழியாக எப்படி பல திட்டங்கள் முன்னெடுக்கப்பட இருக்கின்றன என்பதை எல்லாம் டாக்குமெண்டாக செய்திருக்கிறோம். இந்த எக்காலஜி அண்ட் என்விரான்மென்ட்டில்.

கடைசியாக, பெண்களுடைய பங்கு என்பது மிக முக்கியமான ஒன்று. இந்தியாவில் தொழில் துறையில் வேலை செய்யக்கூடிய பெண்களில் மிகப்பெரும்பாலான கிட்டத்தட்ட 45 விழுக்காடு பெண்கள் தமிழ்நாட்டில் தான் இருக்கிறார்கள் என்பது உங்களுக்கு நன்றாக தெரியும். அப்போது வெறும் தொழிற்சாலையில் மட்டும் வேலை செய்வது என்பது ஒரு புறம். நகர்ப்புறங்களில் வேலைக்கு செல்லக்கூடிய பெண்களுடைய எண்ணிக்கை மிகவும் குறைவான அளவில் இருக்கிறது என்பது ஒரு புறம். மேலும் அதற்குண்டான infrastructure ஏன் வரவில்லை என்பது ஆதரவான அமைப்புகள் எதும் பெரிய அளவில் செய்யவில்லை என்பதை எல்லாம் சுட்டிக்காட்டி, அதையெல்லாம் நாம் இன்னும் செய்தோம் என்று சொன்னால், இன்னும் பெண்களுடைய பங்களிப்பு என்பது பெருமளவில் இருக்கும்.

இதுதான் நாம் இந்த 10 பிரிவுகளில் சொல்லப்பட்டிருக்கக்கூடிய விஷயங்கள். கடந்த நான்கு ஆண்டுகளில் எப்படி வளர்ந்திருக்கிறது, என்னென்ன மாற்றங்கள் எல்லாம் பெறப்பட்டிருக்கிறது - அதேவேளையில், அரசு எதையெல்லாம் குறித்து கவனம் செலுத்தவேண்டும் - எங்கெல்லாம் அவர்களுடைய பார்வை இன்னும் கூராக இருக்கவேண்டும் என்பதை நாங்கள் இந்த அறிக்கையில் சுட்டிக்காட்டியிருக்கிறோம்.

இவ்வாறு அவர் பேட்டியளித்தார்.
